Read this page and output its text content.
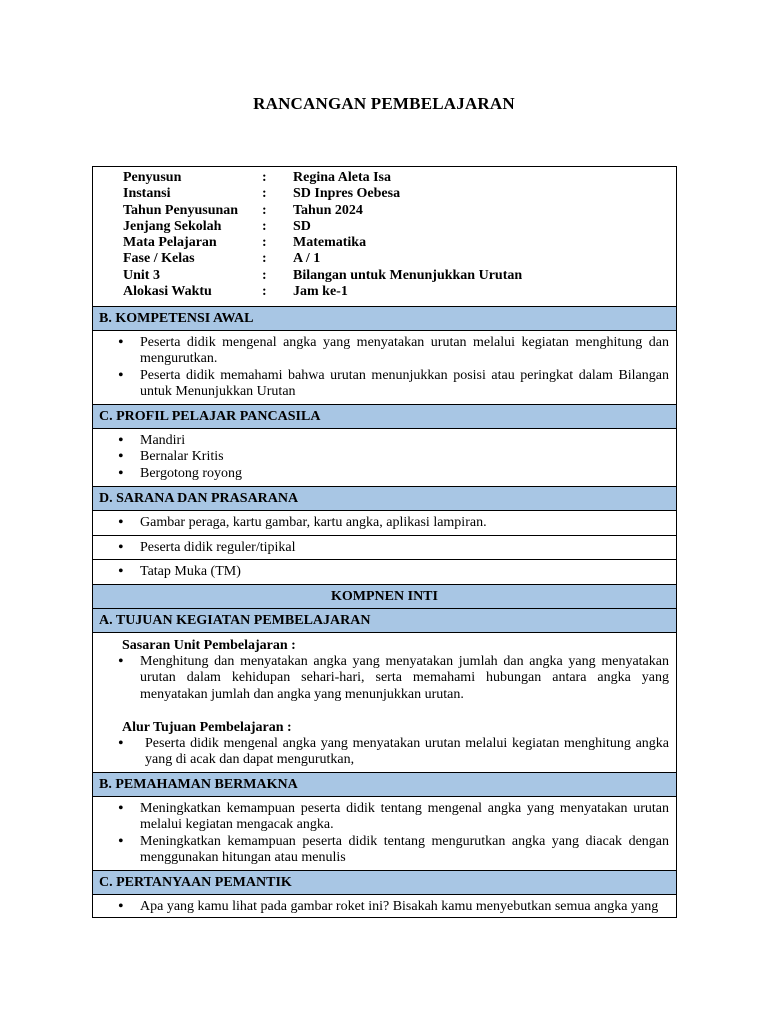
RANCANGAN PEMBELAJARAN
Penyusun	:	Regina Aleta Isa
Instansi	:	SD Inpres Oebesa
Tahun Penyusunan	:	Tahun 2024
Jenjang Sekolah	:	SD
Mata Pelajaran	:	Matematika
Fase / Kelas	:	A / 1
Unit 3	:	Bilangan untuk Menunjukkan Urutan
Alokasi Waktu	:	Jam ke-1
B. KOMPETENSI AWAL
• Peserta didik mengenal angka yang menyatakan urutan melalui kegiatan menghitung dan mengurutkan.
• Peserta didik memahami bahwa urutan menunjukkan posisi atau peringkat dalam Bilangan untuk Menunjukkan Urutan
C. PROFIL PELAJAR PANCASILA
• Mandiri
• Bernalar Kritis
• Bergotong royong
D. SARANA DAN PRASARANA
• Gambar peraga, kartu gambar, kartu angka, aplikasi lampiran.
• Peserta didik reguler/tipikal
• Tatap Muka (TM)
KOMPNEN INTI
A. TUJUAN KEGIATAN PEMBELAJARAN
Sasaran Unit Pembelajaran :
• Menghitung dan menyatakan angka yang menyatakan jumlah dan angka yang menyatakan urutan dalam kehidupan sehari-hari, serta memahami hubungan antara angka yang menyatakan jumlah dan angka yang menunjukkan urutan.
Alur Tujuan Pembelajaran :
• Peserta didik mengenal angka yang menyatakan urutan melalui kegiatan menghitung angka yang di acak dan dapat mengurutkan,
B. PEMAHAMAN BERMAKNA
• Meningkatkan kemampuan peserta didik tentang mengenal angka yang menyatakan urutan melalui kegiatan mengacak angka.
• Meningkatkan kemampuan peserta didik tentang mengurutkan angka yang diacak dengan menggunakan hitungan atau menulis
C. PERTANYAAN PEMANTIK
• Apa yang kamu lihat pada gambar roket ini? Bisakah kamu menyebutkan semua angka yang
